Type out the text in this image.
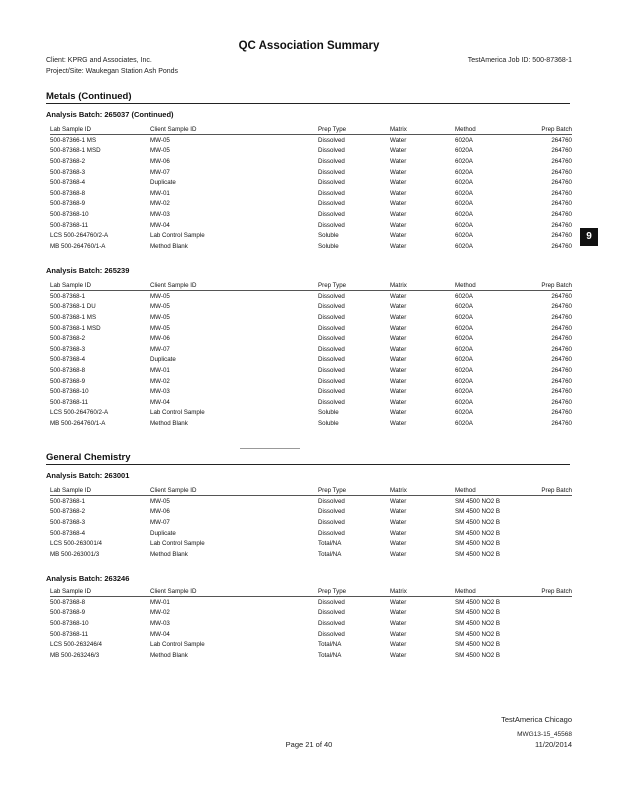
QC Association Summary
Client: KPRG and Associates, Inc.
Project/Site: Waukegan Station Ash Ponds
TestAmerica Job ID: 500-87368-1
Metals (Continued)
Analysis Batch: 265037 (Continued)
Lab Sample ID	Client Sample ID	Prep Type	Matrix	Method	Prep Batch
500-87366-1 MS	MW-05	Dissolved	Water	6020A	264760
500-87368-1 MSD	MW-05	Dissolved	Water	6020A	264760
500-87368-2	MW-06	Dissolved	Water	6020A	264760
500-87368-3	MW-07	Dissolved	Water	6020A	264760
500-87368-4	Duplicate	Dissolved	Water	6020A	264760
500-87368-8	MW-01	Dissolved	Water	6020A	264760
500-87368-9	MW-02	Dissolved	Water	6020A	264760
500-87368-10	MW-03	Dissolved	Water	6020A	264760
500-87368-11	MW-04	Dissolved	Water	6020A	264760
LCS 500-264760/2-A	Lab Control Sample	Soluble	Water	6020A	264760
MB 500-264760/1-A	Method Blank	Soluble	Water	6020A	264760
9
Analysis Batch: 265239
Lab Sample ID	Client Sample ID	Prep Type	Matrix	Method	Prep Batch
500-87368-1	MW-05	Dissolved	Water	6020A	264760
500-87368-1 DU	MW-05	Dissolved	Water	6020A	264760
500-87368-1 MS	MW-05	Dissolved	Water	6020A	264760
500-87368-1 MSD	MW-05	Dissolved	Water	6020A	264760
500-87368-2	MW-06	Dissolved	Water	6020A	264760
500-87368-3	MW-07	Dissolved	Water	6020A	264760
500-87368-4	Duplicate	Dissolved	Water	6020A	264760
500-87368-8	MW-01	Dissolved	Water	6020A	264760
500-87368-9	MW-02	Dissolved	Water	6020A	264760
500-87368-10	MW-03	Dissolved	Water	6020A	264760
500-87368-11	MW-04	Dissolved	Water	6020A	264760
LCS 500-264760/2-A	Lab Control Sample	Soluble	Water	6020A	264760
MB 500-264760/1-A	Method Blank	Soluble	Water	6020A	264760
General Chemistry
Analysis Batch: 263001
Lab Sample ID	Client Sample ID	Prep Type	Matrix	Method	Prep Batch
500-87368-1	MW-05	Dissolved	Water	SM 4500 NO2 B	
500-87368-2	MW-06	Dissolved	Water	SM 4500 NO2 B	
500-87368-3	MW-07	Dissolved	Water	SM 4500 NO2 B	
500-87368-4	Duplicate	Dissolved	Water	SM 4500 NO2 B	
LCS 500-263001/4	Lab Control Sample	Total/NA	Water	SM 4500 NO2 B	
MB 500-263001/3	Method Blank	Total/NA	Water	SM 4500 NO2 B	
Analysis Batch: 263246
Lab Sample ID	Client Sample ID	Prep Type	Matrix	Method	Prep Batch
500-87368-8	MW-01	Dissolved	Water	SM 4500 NO2 B	
500-87368-9	MW-02	Dissolved	Water	SM 4500 NO2 B	
500-87368-10	MW-03	Dissolved	Water	SM 4500 NO2 B	
500-87368-11	MW-04	Dissolved	Water	SM 4500 NO2 B	
LCS 500-263246/4	Lab Control Sample	Total/NA	Water	SM 4500 NO2 B	
MB 500-263246/3	Method Blank	Total/NA	Water	SM 4500 NO2 B	
TestAmerica Chicago
MWG13-15_45568
Page 21 of 40	11/20/2014
